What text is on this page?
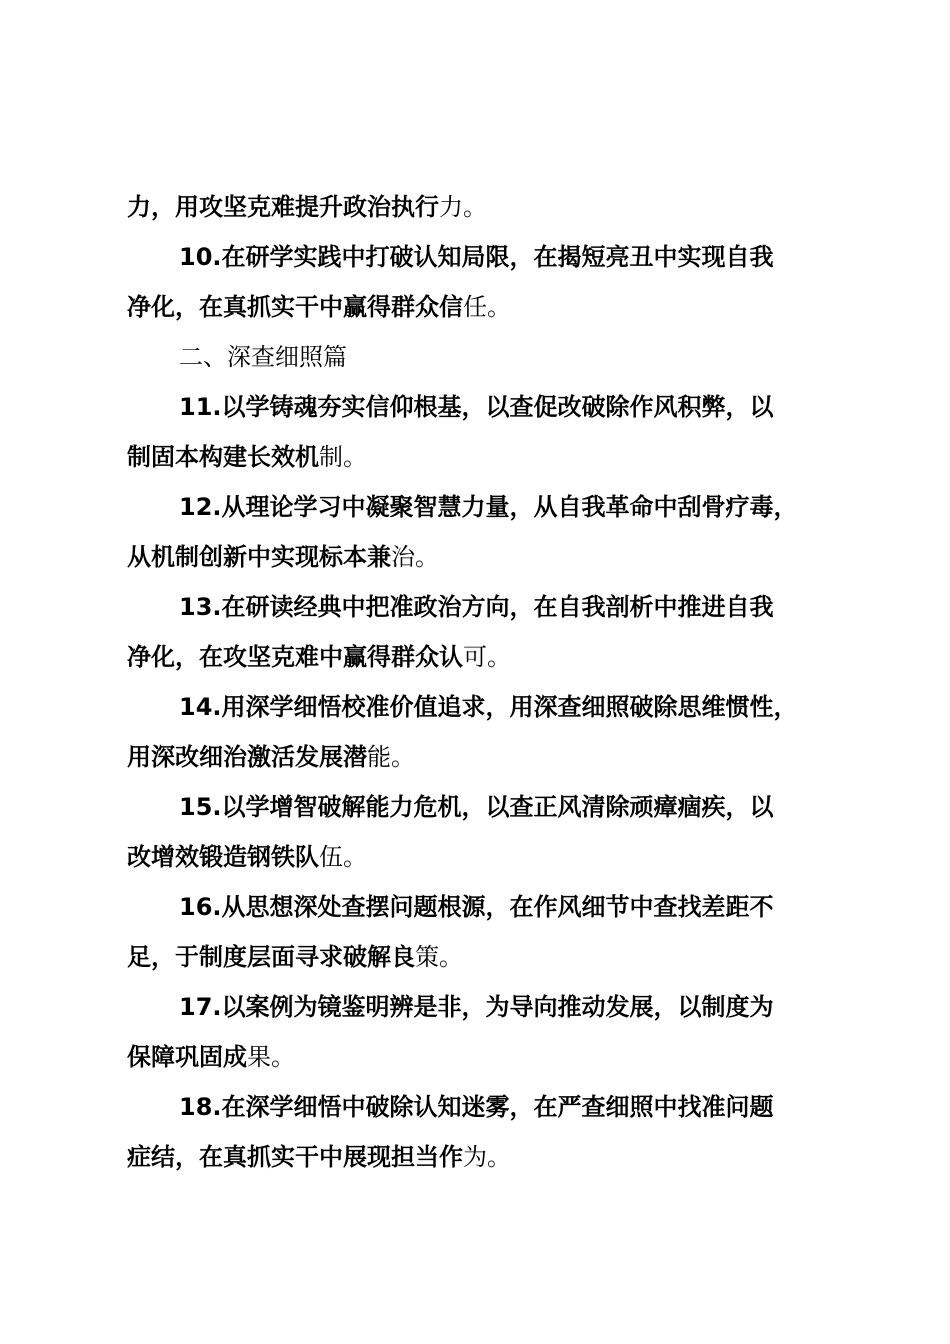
力，用攻坚克难提升政治执行力。
10.在研学实践中打破认知局限，在揭短亮丑中实现自我
净化，在真抓实干中赢得群众信任。
二、深查细照篇
11.以学铸魂夯实信仰根基，以查促改破除作风积弊，以
制固本构建长效机制。
12.从理论学习中凝聚智慧力量，从自我革命中刮骨疗毒，
从机制创新中实现标本兼治。
13.在研读经典中把准政治方向，在自我剖析中推进自我
净化，在攻坚克难中赢得群众认可。
14.用深学细悟校准价值追求，用深查细照破除思维惯性，
用深改细治激活发展潜能。
15.以学增智破解能力危机，以查正风清除顽瘴痼疾，以
改增效锻造钢铁队伍。
16.从思想深处查摆问题根源，在作风细节中查找差距不
足，于制度层面寻求破解良策。
17.以案例为镜鉴明辨是非，为导向推动发展，以制度为
保障巩固成果。
18.在深学细悟中破除认知迷雾，在严查细照中找准问题
症结，在真抓实干中展现担当作为。
